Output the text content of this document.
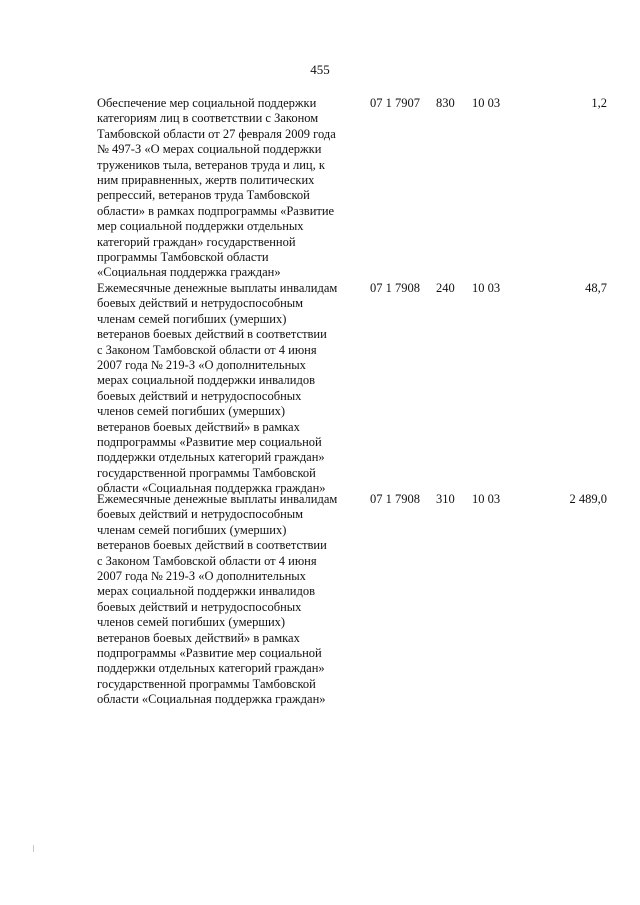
455
Обеспечение мер социальной поддержки
категориям лиц в соответствии с Законом
Тамбовской области от 27 февраля 2009 года
№ 497-З «О мерах социальной поддержки
тружеников тыла, ветеранов труда и лиц, к
ним приравненных, жертв политических
репрессий, ветеранов труда Тамбовской
области» в рамках подпрограммы «Развитие
мер социальной поддержки отдельных
категорий граждан» государственной
программы Тамбовской области
«Социальная поддержка граждан»
07 1 7907 830 10 03	1,2
Ежемесячные денежные выплаты инвалидам
боевых действий и нетрудоспособным
членам семей погибших (умерших)
ветеранов боевых действий в соответствии
с Законом Тамбовской области от 4 июня
2007 года № 219-З «О дополнительных
мерах социальной поддержки инвалидов
боевых действий и нетрудоспособных
членов семей погибших (умерших)
ветеранов боевых действий» в рамках
подпрограммы «Развитие мер социальной
поддержки отдельных категорий граждан»
государственной программы Тамбовской
области «Социальная поддержка граждан»
07 1 7908 240 10 03	48,7
Ежемесячные денежные выплаты инвалидам
боевых действий и нетрудоспособным
членам семей погибших (умерших)
ветеранов боевых действий в соответствии
с Законом Тамбовской области от 4 июня
2007 года № 219-З «О дополнительных
мерах социальной поддержки инвалидов
боевых действий и нетрудоспособных
членов семей погибших (умерших)
ветеранов боевых действий» в рамках
подпрограммы «Развитие мер социальной
поддержки отдельных категорий граждан»
государственной программы Тамбовской
области «Социальная поддержка граждан»
07 1 7908 310 10 03	2 489,0
